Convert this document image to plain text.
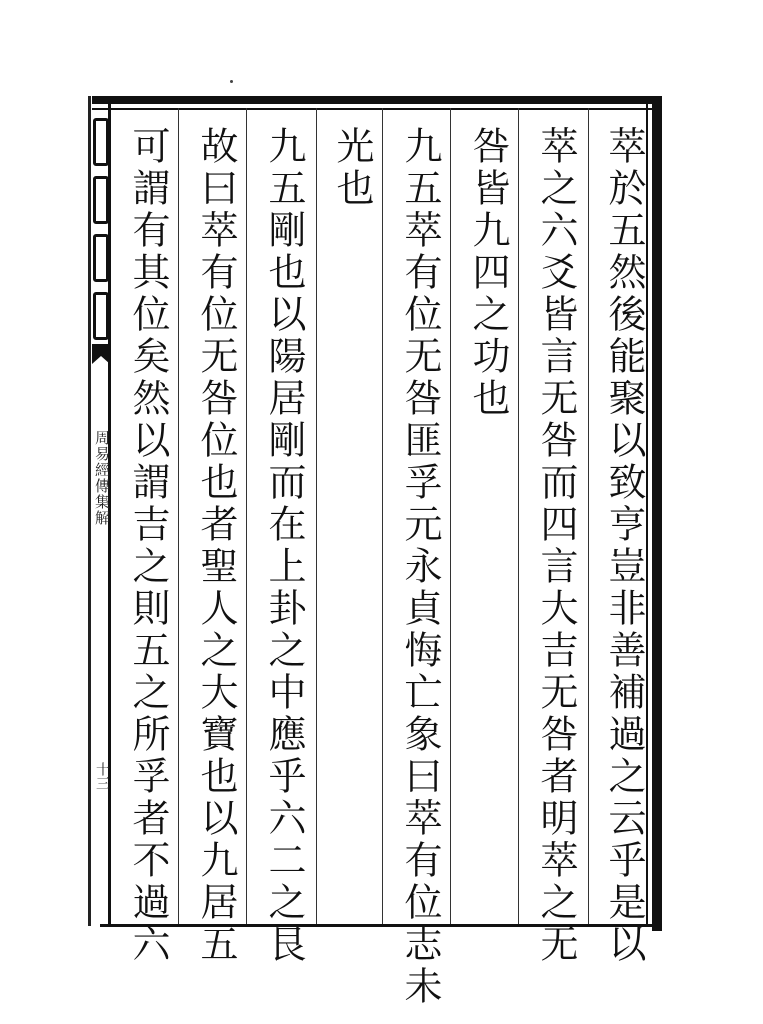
萃於五然後能聚以致亨豈非善補過之云乎是以
萃之六爻皆言无咎而四言大吉无咎者明萃之无
咎皆九四之功也
九五萃有位无咎匪孚元永貞悔亡象曰萃有位志未
光也
九五剛也以陽居剛而在上卦之中應乎六二之艮
故曰萃有位无咎位也者聖人之大寶也以九居五
可謂有其位矣然以謂吉之則五之所孚者不過六
周易經傳集解
十三
